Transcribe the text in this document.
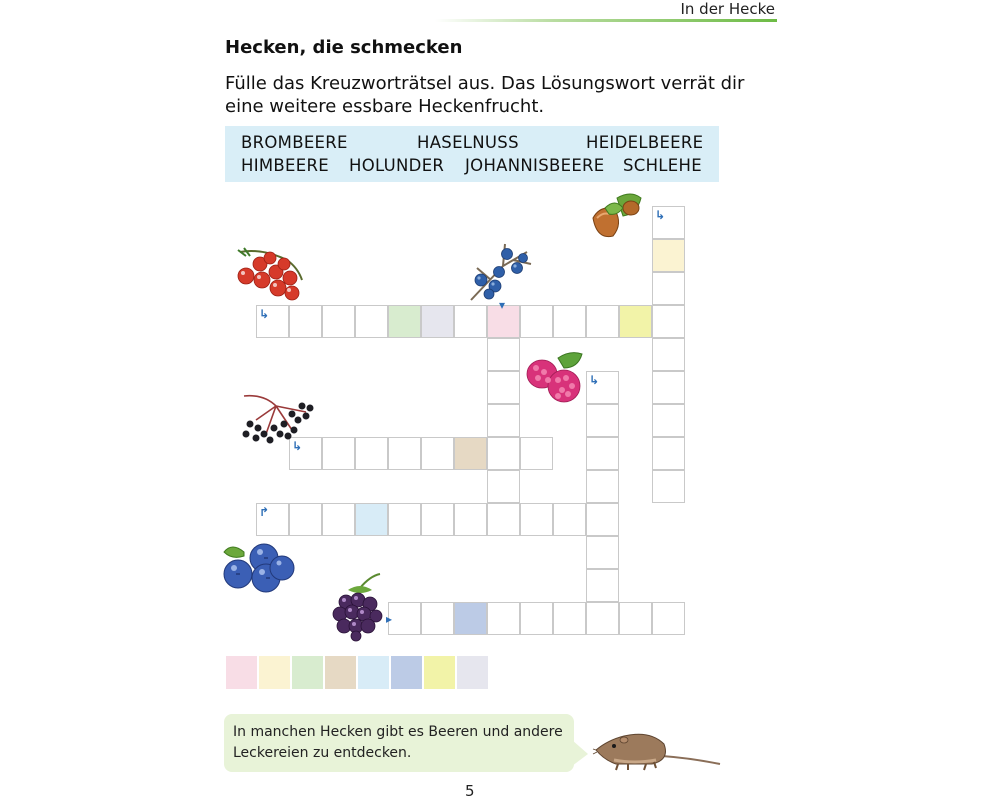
In der Hecke
Hecken, die schmecken
Fülle das Kreuzworträtsel aus. Das Lösungswort verrät dir
eine weitere essbare Heckenfrucht.
BROMBEERE	HASELNUSS	HEIDELBEERE
HIMBEERE HOLUNDER JOHANNISBEERE SCHLEHE
↳
↳
▾
↳
↳
↱
▸
In manchen Hecken gibt es Beeren und andere
Leckereien zu entdecken.
5
